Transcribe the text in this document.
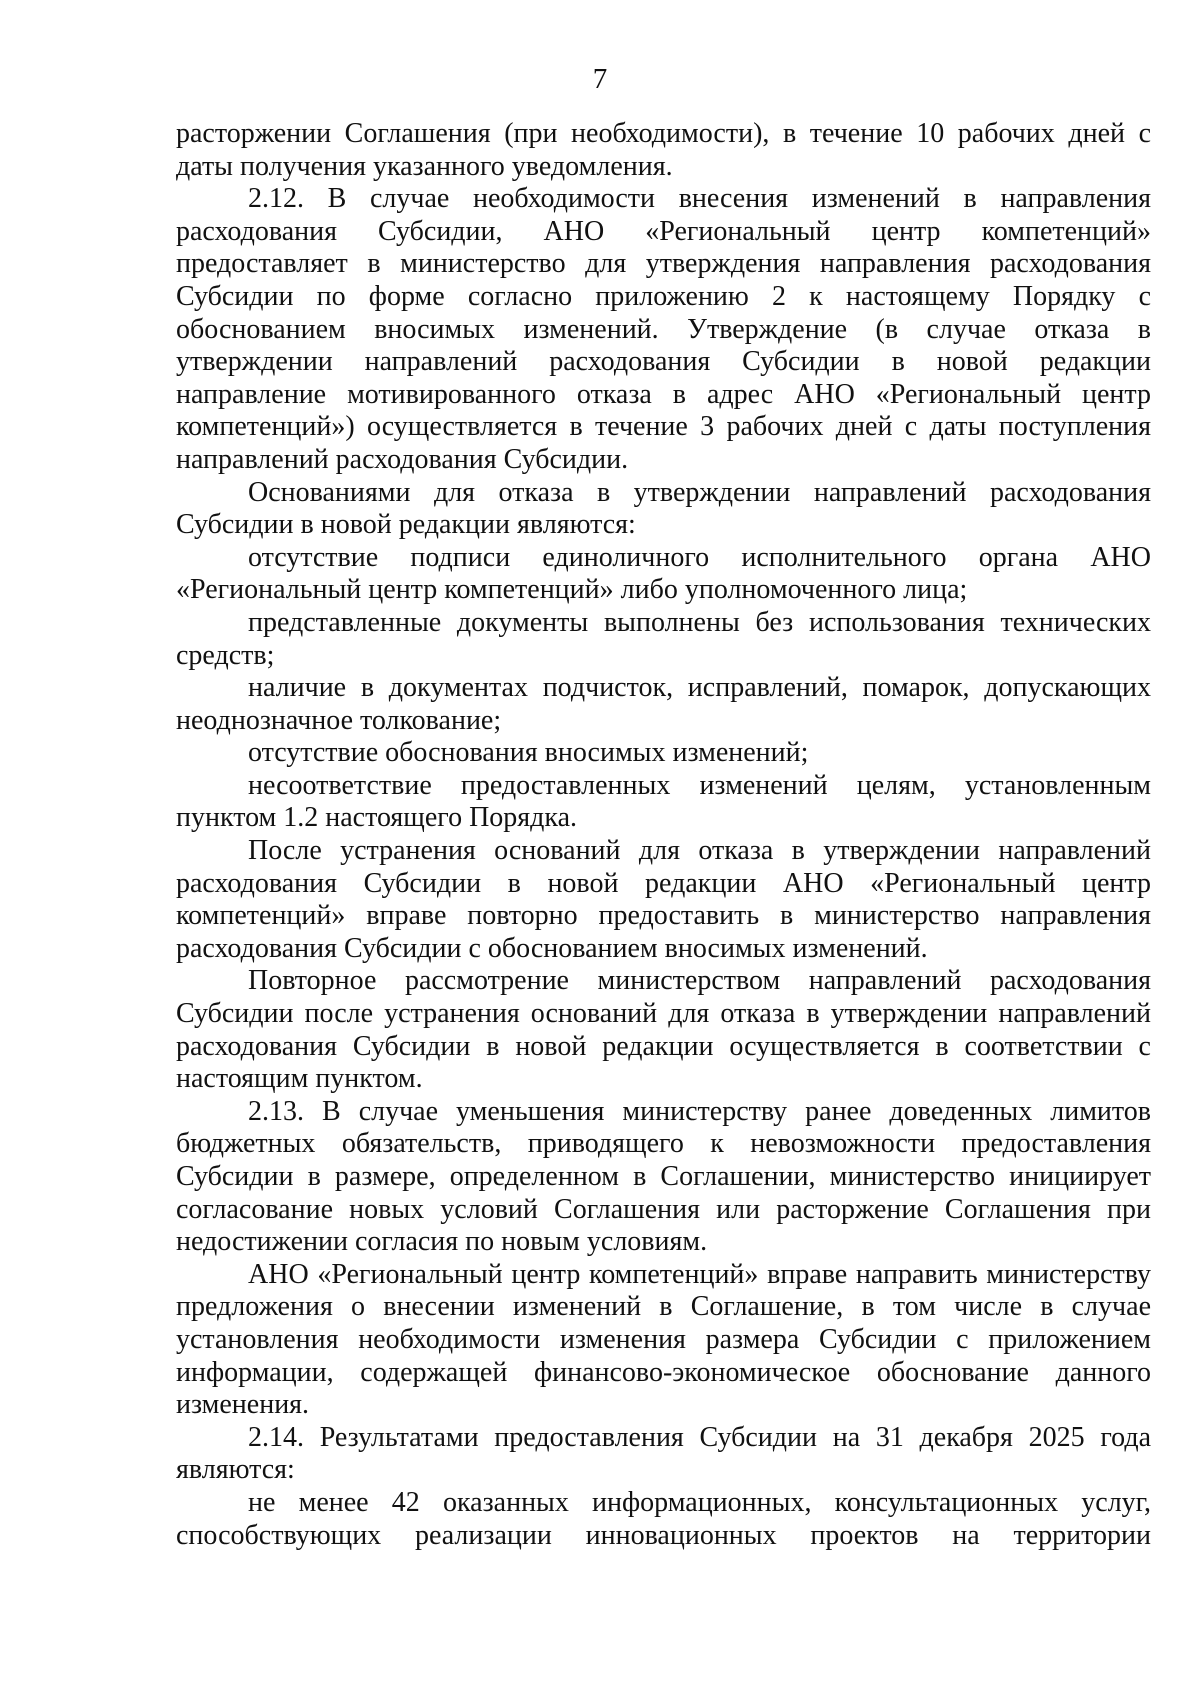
7

расторжении Соглашения (при необходимости), в течение 10 рабочих дней с даты получения указанного уведомления.

2.12. В случае необходимости внесения изменений в направления расходования Субсидии, АНО «Региональный центр компетенций» предоставляет в министерство для утверждения направления расходования Субсидии по форме согласно приложению 2 к настоящему Порядку с обоснованием вносимых изменений. Утверждение (в случае отказа в утверждении направлений расходования Субсидии в новой редакции направление мотивированного отказа в адрес АНО «Региональный центр компетенций») осуществляется в течение 3 рабочих дней с даты поступления направлений расходования Субсидии.

Основаниями для отказа в утверждении направлений расходования Субсидии в новой редакции являются:

отсутствие подписи единоличного исполнительного органа АНО «Региональный центр компетенций» либо уполномоченного лица;

представленные документы выполнены без использования технических средств;

наличие в документах подчисток, исправлений, помарок, допускающих неоднозначное толкование;

отсутствие обоснования вносимых изменений;

несоответствие предоставленных изменений целям, установленным пунктом 1.2 настоящего Порядка.

После устранения оснований для отказа в утверждении направлений расходования Субсидии в новой редакции АНО «Региональный центр компетенций» вправе повторно предоставить в министерство направления расходования Субсидии с обоснованием вносимых изменений.

Повторное рассмотрение министерством направлений расходования Субсидии после устранения оснований для отказа в утверждении направлений расходования Субсидии в новой редакции осуществляется в соответствии с настоящим пунктом.

2.13. В случае уменьшения министерству ранее доведенных лимитов бюджетных обязательств, приводящего к невозможности предоставления Субсидии в размере, определенном в Соглашении, министерство инициирует согласование новых условий Соглашения или расторжение Соглашения при недостижении согласия по новым условиям.

АНО «Региональный центр компетенций» вправе направить министерству предложения о внесении изменений в Соглашение, в том числе в случае установления необходимости изменения размера Субсидии с приложением информации, содержащей финансово-экономическое обоснование данного изменения.

2.14. Результатами предоставления Субсидии на 31 декабря 2025 года являются:

не менее 42 оказанных информационных, консультационных услуг, способствующих реализации инновационных проектов на территории
